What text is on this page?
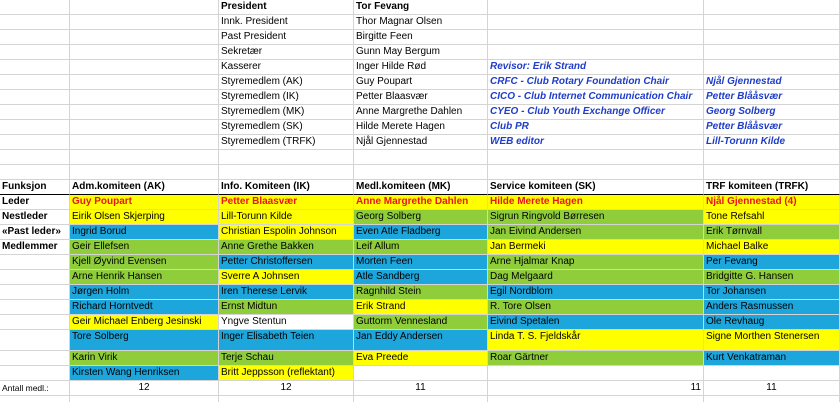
President	Tor Fevang
Innk. President	Thor Magnar Olsen
Past President	Birgitte Feen
Sekretær	Gunn May Bergum
Kasserer	Inger Hilde Rød	Revisor: Erik Strand
Styremedlem (AK)	Guy Poupart	CRFC - Club Rotary Foundation Chair	Njål Gjennestad
Styremedlem (IK)	Petter Blaasvær	CICO - Club Internet Communication Chair	Petter Blååsvær
Styremedlem (MK)	Anne Margrethe Dahlen	CYEO - Club Youth Exchange Officer	Georg Solberg
Styremedlem (SK)	Hilde Merete Hagen	Club PR	Petter Blååsvær
Styremedlem (TRFK)	Njål Gjennestad	WEB editor	Lill-Torunn Kilde
Funksjon	Adm.komiteen (AK)	Info. Komiteen (IK)	Medl.komiteen (MK)	Service komiteen (SK)	TRF komiteen (TRFK)
Leder	Guy Poupart	Petter Blaasvær	Anne Margrethe Dahlen	Hilde Merete Hagen	Njål Gjennestad (4)
Nestleder	Eirik Olsen Skjerping	Lill-Torunn Kilde	Georg Solberg	Sigrun Ringvold Børresen	Tone Refsahl
«Past leder»	Ingrid Borud	Christian Espolin Johnson	Even Atle Fladberg	Jan Eivind Andersen	Erik Tørnvall
Medlemmer	Geir Ellefsen	Anne Grethe Bakken	Leif Allum	Jan Bermeki	Michael Balke
Kjell Øyvind Evensen	Petter Christoffersen	Morten Feen	Arne Hjalmar Knap	Per Fevang
Arne Henrik Hansen	Sverre A Johnsen	Atle Sandberg	Dag Melgaard	Bridgitte G. Hansen
Jørgen Holm	Iren Therese Lervik	Ragnhild Stein	Egil Nordblom	Tor Johansen
Richard Horntvedt	Ernst Midtun	Erik Strand	R. Tore Olsen	Anders Rasmussen
Geir Michael Enberg Jesinski	Yngve Stentun	Guttorm Vennesland	Eivind Spetalen	Ole Revhaug
Tore Solberg	Inger Elisabeth Teien	Jan Eddy Andersen	Linda T. S. Fjeldskår	Signe Morthen Stenersen
Karin Virik	Terje Schau	Eva Preede	Roar Gärtner	Kurt Venkatraman
Kirsten Wang Henriksen	Britt Jeppsson (reflektant)
Antall medl.:	12	12	11	11	11
